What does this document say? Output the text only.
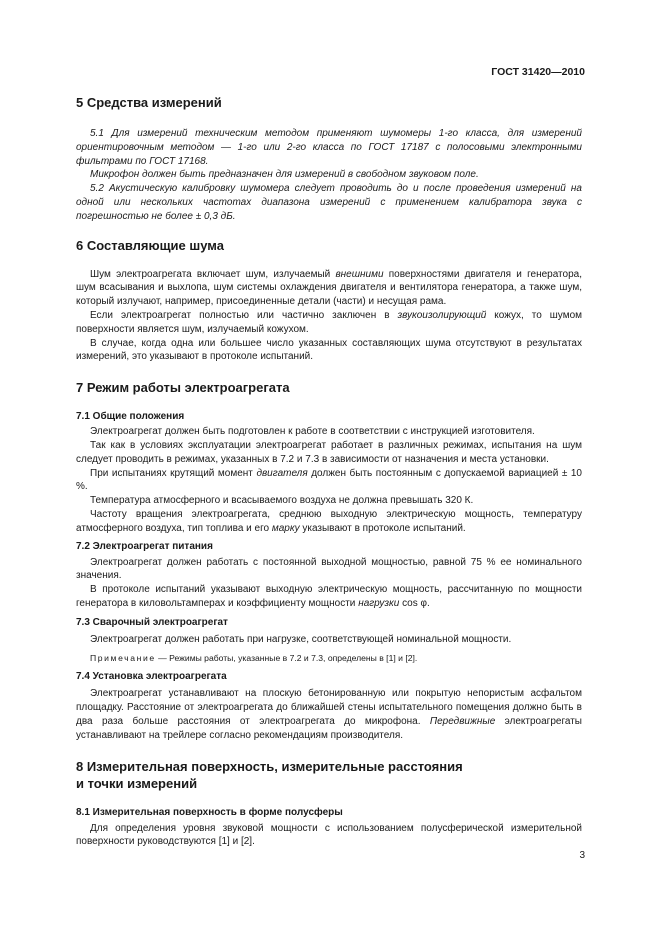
ГОСТ 31420—2010
5 Средства измерений

5.1 Для измерений техническим методом применяют шумомеры 1-го класса, для измерений ориентировочным методом — 1-го или 2-го класса по ГОСТ 17187 с полосовыми электронными фильтрами по ГОСТ 17168.

Микрофон должен быть предназначен для измерений в свободном звуковом поле.

5.2 Акустическую калибровку шумомера следует проводить до и после проведения измерений на одной или нескольких частотах диапазона измерений с применением калибратора звука с погрешностью не более ± 0,3 дБ.

6 Составляющие шума

Шум электроагрегата включает шум, излучаемый внешними поверхностями двигателя и генератора, шум всасывания и выхлопа, шум системы охлаждения двигателя и вентилятора генератора, а также шум, который излучают, например, присоединенные детали (части) и несущая рама.

Если электроагрегат полностью или частично заключен в звукоизолирующий кожух, то шумом поверхности является шум, излучаемый кожухом.

В случае, когда одна или большее число указанных составляющих шума отсутствуют в результатах измерений, это указывают в протоколе испытаний.

7 Режим работы электроагрегата
7.1 Общие положения

Электроагрегат должен быть подготовлен к работе в соответствии с инструкцией изготовителя.

Так как в условиях эксплуатации электроагрегат работает в различных режимах, испытания на шум следует проводить в режимах, указанных в 7.2 и 7.3 в зависимости от назначения и места установки.

При испытаниях крутящий момент двигателя должен быть постоянным с допускаемой вариацией ± 10 %.

Температура атмосферного и всасываемого воздуха не должна превышать 320 К.

Частоту вращения электроагрегата, среднюю выходную электрическую мощность, температуру атмосферного воздуха, тип топлива и его марку указывают в протоколе испытаний.

7.2 Электроагрегат питания

Электроагрегат должен работать с постоянной выходной мощностью, равной 75 % ее номинального значения.

В протоколе испытаний указывают выходную электрическую мощность, рассчитанную по мощности генератора в киловольтамперах и коэффициенту мощности нагрузки cos φ.

7.3 Сварочный электроагрегат

Электроагрегат должен работать при нагрузке, соответствующей номинальной мощности.

Примечание — Режимы работы, указанные в 7.2 и 7.3, определены в [1] и [2].

7.4 Установка электроагрегата

Электроагрегат устанавливают на плоскую бетонированную или покрытую непористым асфальтом площадку. Расстояние от электроагрегата до ближайшей стены испытательного помещения должно быть в два раза больше расстояния от электроагрегата до микрофона. Передвижные электроагрегаты устанавливают на трейлере согласно рекомендациям производителя.

8 Измерительная поверхность, измерительные расстояния
и точки измерений
8.1 Измерительная поверхность в форме полусферы

Для определения уровня звуковой мощности с использованием полусферической измерительной поверхности руководствуются [1] и [2].

3
